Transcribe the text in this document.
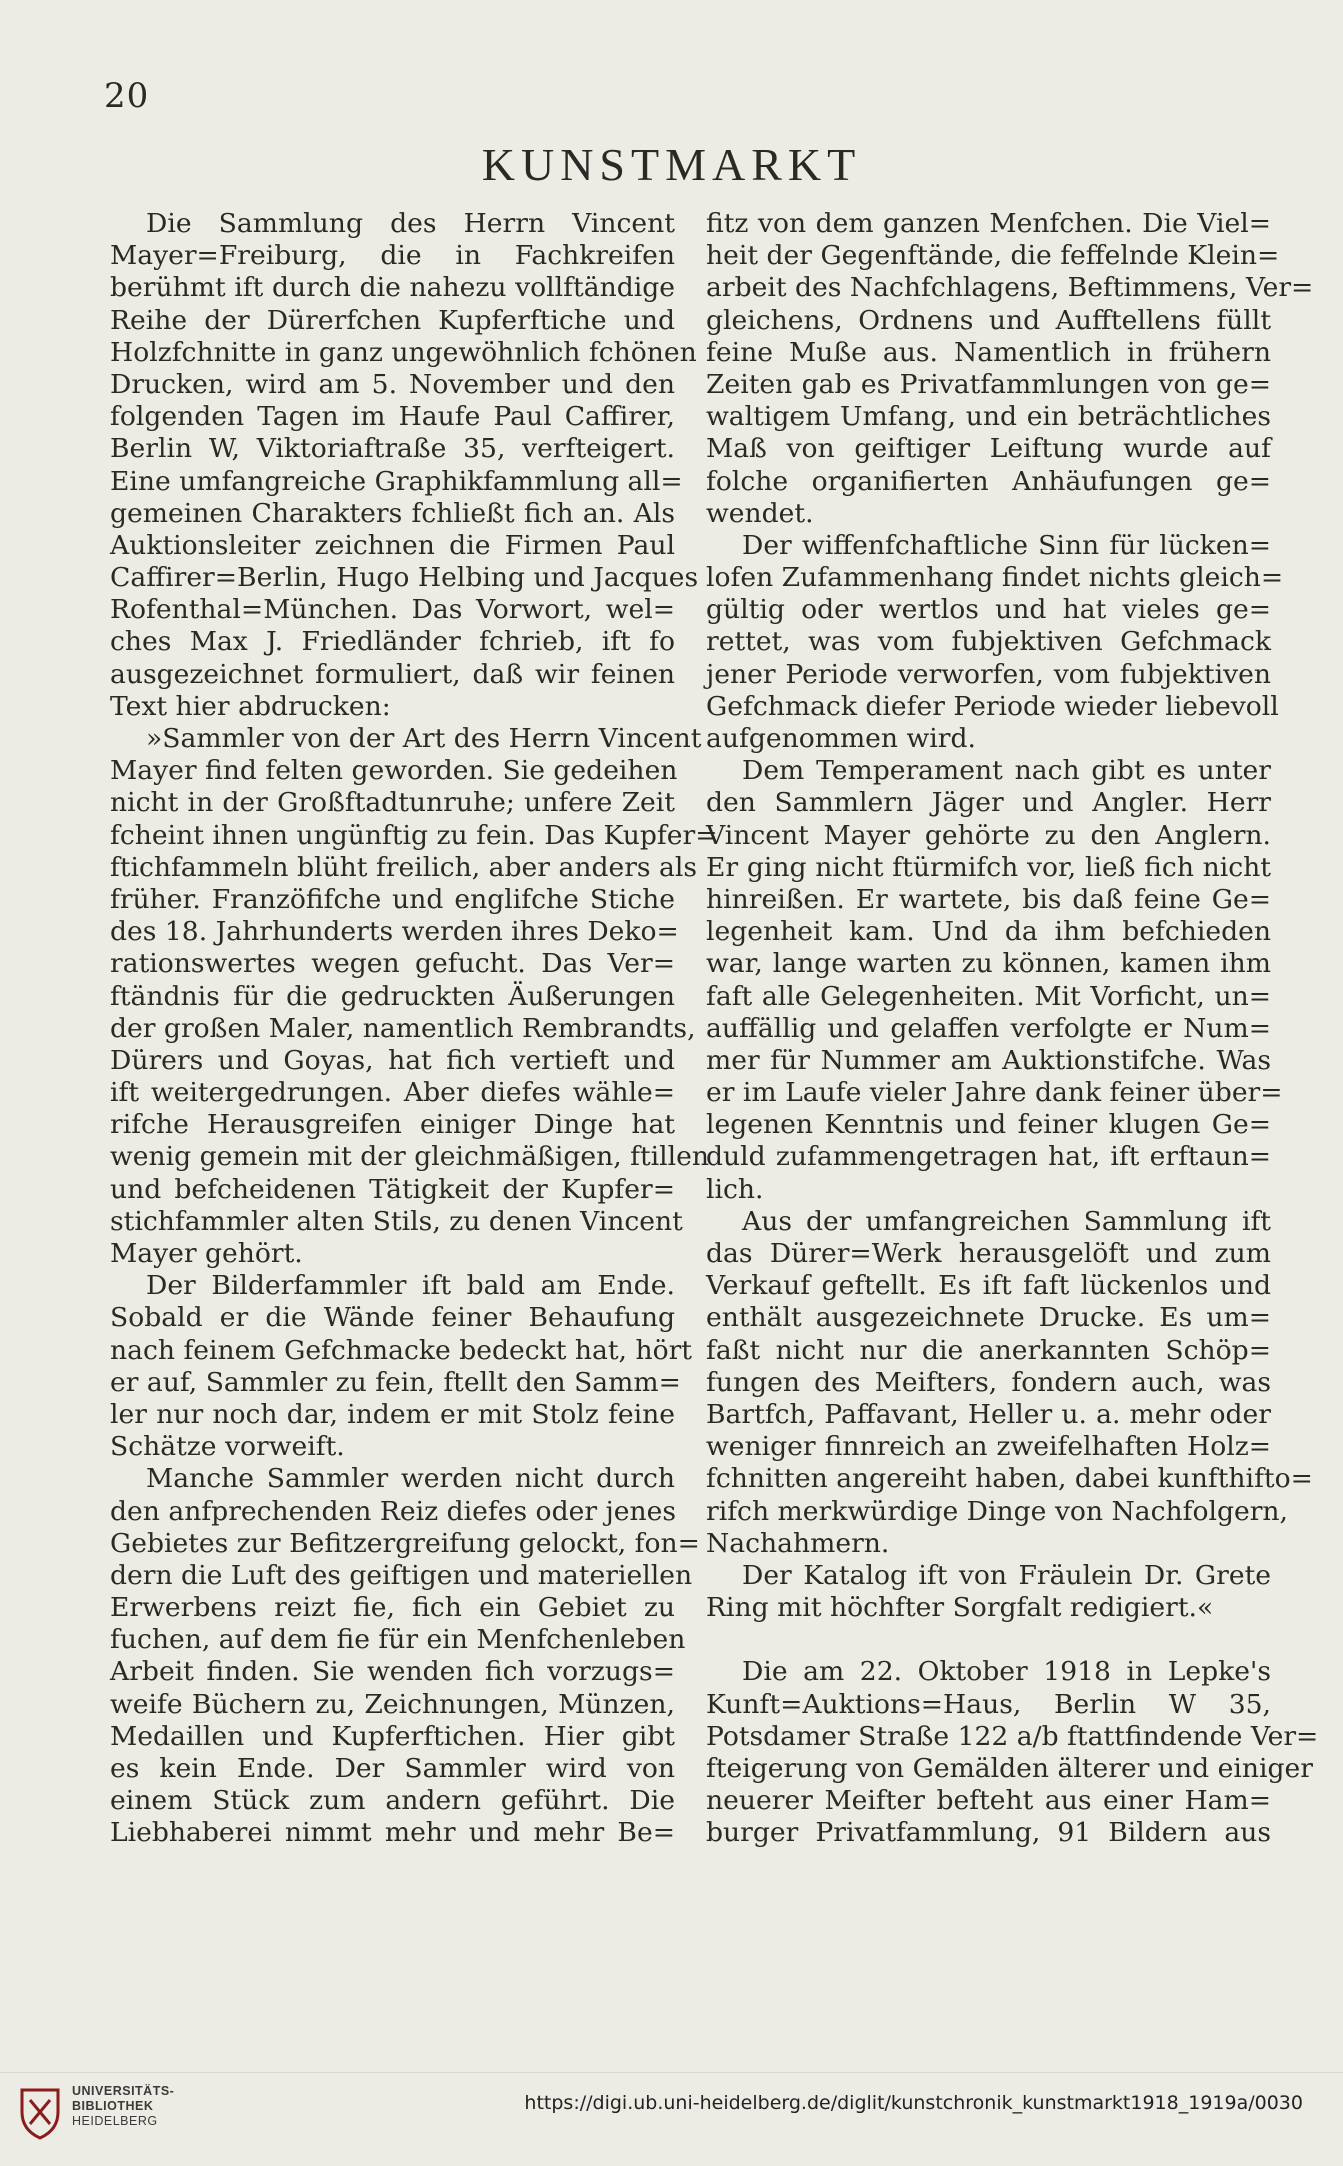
20
KUNSTMARKT
Die Sammlung des Herrn Vincent
Mayer=Freiburg, die in Fachkreifen
berühmt ift durch die nahezu vollftändige
Reihe der Dürerfchen Kupferftiche und
Holzfchnitte in ganz ungewöhnlich fchönen
Drucken, wird am 5. November und den
folgenden Tagen im Haufe Paul Caffirer,
Berlin W, Viktoriaftraße 35, verfteigert.
Eine umfangreiche Graphikfammlung all=
gemeinen Charakters fchließt fich an. Als
Auktionsleiter zeichnen die Firmen Paul
Caffirer=Berlin, Hugo Helbing und Jacques
Rofenthal=München. Das Vorwort, wel=
ches Max J. Friedländer fchrieb, ift fo
ausgezeichnet formuliert, daß wir feinen
Text hier abdrucken:
»Sammler von der Art des Herrn Vincent
Mayer find felten geworden. Sie gedeihen
nicht in der Großftadtunruhe; unfere Zeit
fcheint ihnen ungünftig zu fein. Das Kupfer=
ftichfammeln blüht freilich, aber anders als
früher. Franzöfifche und englifche Stiche
des 18. Jahrhunderts werden ihres Deko=
rationswertes wegen gefucht. Das Ver=
ftändnis für die gedruckten Äußerungen
der großen Maler, namentlich Rembrandts,
Dürers und Goyas, hat fich vertieft und
ift weitergedrungen. Aber diefes wähle=
rifche Herausgreifen einiger Dinge hat
wenig gemein mit der gleichmäßigen, ftillen
und befcheidenen Tätigkeit der Kupfer=
stichfammler alten Stils, zu denen Vincent
Mayer gehört.
Der Bilderfammler ift bald am Ende.
Sobald er die Wände feiner Behaufung
nach feinem Gefchmacke bedeckt hat, hört
er auf, Sammler zu fein, ftellt den Samm=
ler nur noch dar, indem er mit Stolz feine
Schätze vorweift.
Manche Sammler werden nicht durch
den anfprechenden Reiz diefes oder jenes
Gebietes zur Befitzergreifung gelockt, fon=
dern die Luft des geiftigen und materiellen
Erwerbens reizt fie, fich ein Gebiet zu
fuchen, auf dem fie für ein Menfchenleben
Arbeit finden. Sie wenden fich vorzugs=
weife Büchern zu, Zeichnungen, Münzen,
Medaillen und Kupferftichen. Hier gibt
es kein Ende. Der Sammler wird von
einem Stück zum andern geführt. Die
Liebhaberei nimmt mehr und mehr Be=
fitz von dem ganzen Menfchen. Die Viel=
heit der Gegenftände, die feffelnde Klein=
arbeit des Nachfchlagens, Beftimmens, Ver=
gleichens, Ordnens und Aufftellens füllt
feine Muße aus. Namentlich in frühern
Zeiten gab es Privatfammlungen von ge=
waltigem Umfang, und ein beträchtliches
Maß von geiftiger Leiftung wurde auf
folche organifierten Anhäufungen ge=
wendet.
Der wiffenfchaftliche Sinn für lücken=
lofen Zufammenhang findet nichts gleich=
gültig oder wertlos und hat vieles ge=
rettet, was vom fubjektiven Gefchmack
jener Periode verworfen, vom fubjektiven
Gefchmack diefer Periode wieder liebevoll
aufgenommen wird.
Dem Temperament nach gibt es unter
den Sammlern Jäger und Angler. Herr
Vincent Mayer gehörte zu den Anglern.
Er ging nicht ftürmifch vor, ließ fich nicht
hinreißen. Er wartete, bis daß feine Ge=
legenheit kam. Und da ihm befchieden
war, lange warten zu können, kamen ihm
faft alle Gelegenheiten. Mit Vorficht, un=
auffällig und gelaffen verfolgte er Num=
mer für Nummer am Auktionstifche. Was
er im Laufe vieler Jahre dank feiner über=
legenen Kenntnis und feiner klugen Ge=
duld zufammengetragen hat, ift erftaun=
lich.
Aus der umfangreichen Sammlung ift
das Dürer=Werk herausgelöft und zum
Verkauf geftellt. Es ift faft lückenlos und
enthält ausgezeichnete Drucke. Es um=
faßt nicht nur die anerkannten Schöp=
fungen des Meifters, fondern auch, was
Bartfch, Paffavant, Heller u. a. mehr oder
weniger finnreich an zweifelhaften Holz=
fchnitten angereiht haben, dabei kunfthifto=
rifch merkwürdige Dinge von Nachfolgern,
Nachahmern.
Der Katalog ift von Fräulein Dr. Grete
Ring mit höchfter Sorgfalt redigiert.«
Die am 22. Oktober 1918 in Lepke's
Kunft=Auktions=Haus, Berlin W 35,
Potsdamer Straße 122 a/b ftattfindende Ver=
fteigerung von Gemälden älterer und einiger
neuerer Meifter befteht aus einer Ham=
burger Privatfammlung, 91 Bildern aus
UNIVERSITÄTS-
BIBLIOTHEK
HEIDELBERG
https://digi.ub.uni-heidelberg.de/diglit/kunstchronik_kunstmarkt1918_1919a/0030
